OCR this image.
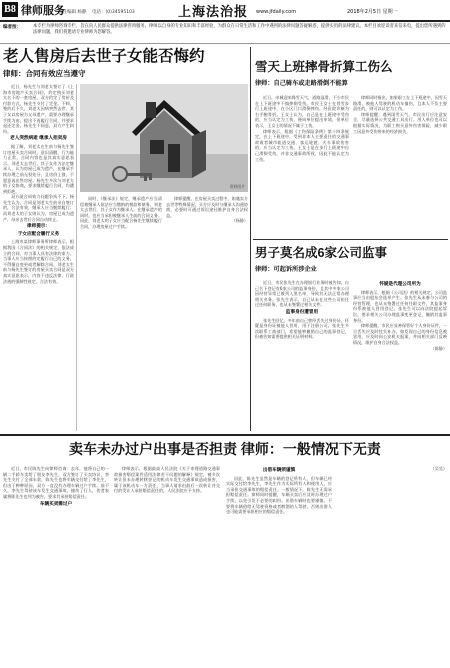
B8 律师服务
责任编辑 杨静 电话：(0)34595103	上海法治报 www.jfdaily.com	2018年2月5日 星期一
编者按：	本专栏为律师咨询专栏，旨在向人民群众提供法律咨询服务。律师以自身的专业知识和丰富经验，为群众在日常生活和工作中遇到的法律问题答疑解惑，提供实用的法律建议。本栏目欢迎读者来信来电，提出您所遇到的法律问题，我们将邀请专业律师为您解答。
老人售房后去世子女能否悔约
律师：合同有效应当遵守

近日，杨先生与刘老太签订了《上海市房地产买卖合同》，约定购买刘老太名下的一套房屋，双方约定了房价及付款方式，杨先生支付了定金。不料，签约后不久，刘老太因病突然去世，其子女以房屋为父母遗产、需要办理继承手续为由，提出不再履行合同，并要求退还定金。杨先生不同意，双方产生纠纷。

老人突然病逝 继承人拒卖房

据了解，刘老太在生前与杨先生签订房屋买卖合同时，意识清醒，行为能力正常，合同内容也是其真实意思表示。刘老太去世后，其子女作为法定继承人，认为房屋已成为遗产，在继承手续办理之前无权处分，且房价上涨，不愿意再出售房屋。杨先生多次与刘老太的子女协商，要求继续履行合同，均遭到拒绝。

双方就合同效力问题争执不下。杨先生认为，合同是刘老太生前亲自签订的，合法有效，继承人应当继续履行；而刘老太的子女则认为，房屋已成为遗产，母亲去世后合同自动终止。

律师提示：

于女应配合履行义务

上海市某律师事务所律师表示，根据我国《合同法》的相关规定，依法成立的合同，对当事人具有法律约束力。当事人应当按照约定履行自己的义务，不得擅自变更或者解除合同。刘老太生前与杨先生签订的房屋买卖合同是双方真实意思表示，内容不违反法律、行政法规的强制性规定，合法有效。

资料图片

同时，《继承法》规定，继承遗产应当清偿被继承人依法应当缴纳的税款和债务。刘老太去世后，其子女作为继承人，在继承遗产的同时，也应当承担被继承人生前的合同义务。因此，刘老太的子女应当配合杨先生继续履行合同，办理房屋过户手续。

律师提醒，在房屋买卖过程中，如遇卖方去世等特殊情况，买方应及时与继承人沟通协商，必要时可通过诉讼途径维护自身合法权益。

（杨静）

雪天上班摔骨折算工伤么
律师：自己骑车或走路滑倒不能算

近日，申城迎来降雪天气，道路湿滑，不少市民在上下班途中不慎摔倒受伤。市民王女士在冒雪步行上班途中，在小区门口滑倒摔伤，经医院诊断为右手腕骨折。王女士认为，自己是在上班途中受伤的，应当认定为工伤，便向单位提出申请，但单位表示，王女士的情况不属于工伤。

律师表示，根据《工伤保险条例》第十四条规定，在上下班途中，受到非本人主要责任的交通事故或者城市轨道交通、客运轮渡、火车事故伤害的，应当认定为工伤。王女士是在步行上班途中自己滑倒受伤，并非交通事故所致，因此不能认定为工伤。

律师同时指出，如果职工在上下班途中，因雪天路滑，被他人驾驶的机动车撞伤，且本人不负主要责任的，则可以认定为工伤。

律师提醒，遇到雨雪天气，市民出行应注意安全，尽量选择公共交通工具出行。用人单位也可以根据实际情况，为职工购买意外伤害保险，减少职工因意外受伤带来的经济损失。

男子莫名成6家公司监事
律师：可起诉所涉企业

近日，市民张先生在办理银行业务时被告知，自己名下登记有6家公司的监事身份，且其中多家公司因经营异常已被列入黑名单，导致其无法正常办理相关业务。张先生表示，自己从未在这些公司担任过任何职务，也从未签署过相关文件。

监事身份遭冒用

张先生回忆，多年前自己曾经丢失过身份证，怀疑是身份证被他人冒用，用于注册公司。张先生多次联系工商部门，希望能够撤销自己的监事登记，但被告知需要提供相关证明材料。

怀疑是代理公司所为

律师表示，根据《公司法》的相关规定，公司监事应当由股东会选举产生。张先生从未参与公司的经营管理，也从未签署过任何任职文件，其监事身份系被他人冒用登记。张先生可以向法院提起诉讼，要求相关公司办理监事变更登记，撤销其监事身份。

律师提醒，市民应妥善保管好个人身份证件，一旦丢失应及时挂失补办。如发现自己的身份信息被冒用，应及时向公安机关报案，并向相关部门反映情况，维护自身合法权益。

（陈静）

卖车未办过户出事是否担责 律师：一般情况下无责

近日，市民陈先生向律师咨询：去年，他将自己的一辆二手轿车卖给了朋友李先生，双方签订了买卖协议，李先生支付了全部车款，陈先生也将车辆交付给了李先生，但由于种种原因，双方一直没有办理车辆过户手续。前不久，李先生驾驶该车发生交通事故，撞伤了行人，伤者家属将陈先生也列为被告，要求其承担赔偿责任。

车辆买卖需过户

律师表示，根据最高人民法院《关于审理道路交通事故损害赔偿案件适用法律若干问题的解释》规定，被多次转让但未办理转移登记的机动车发生交通事故造成损害，属于该机动车一方责任，当事人请求由最后一次转让并交付的受让人承担赔偿责任的，人民法院应予支持。

出借车辆须谨慎

因此，陈先生虽然是车辆的登记所有人，但车辆已经实际交付给李先生，李先生作为实际所有人和使用人，应当承担交通事故的赔偿责任。一般情况下，陈先生无需承担赔偿责任。律师同时提醒，车辆买卖后应及时办理过户手续，以免引发不必要的纠纷。出借车辆时也要谨慎，不要将车辆借给无驾驶资格或者醉酒的人驾驶，否则出借人也可能需要承担相应的赔偿责任。

（吴昊）
